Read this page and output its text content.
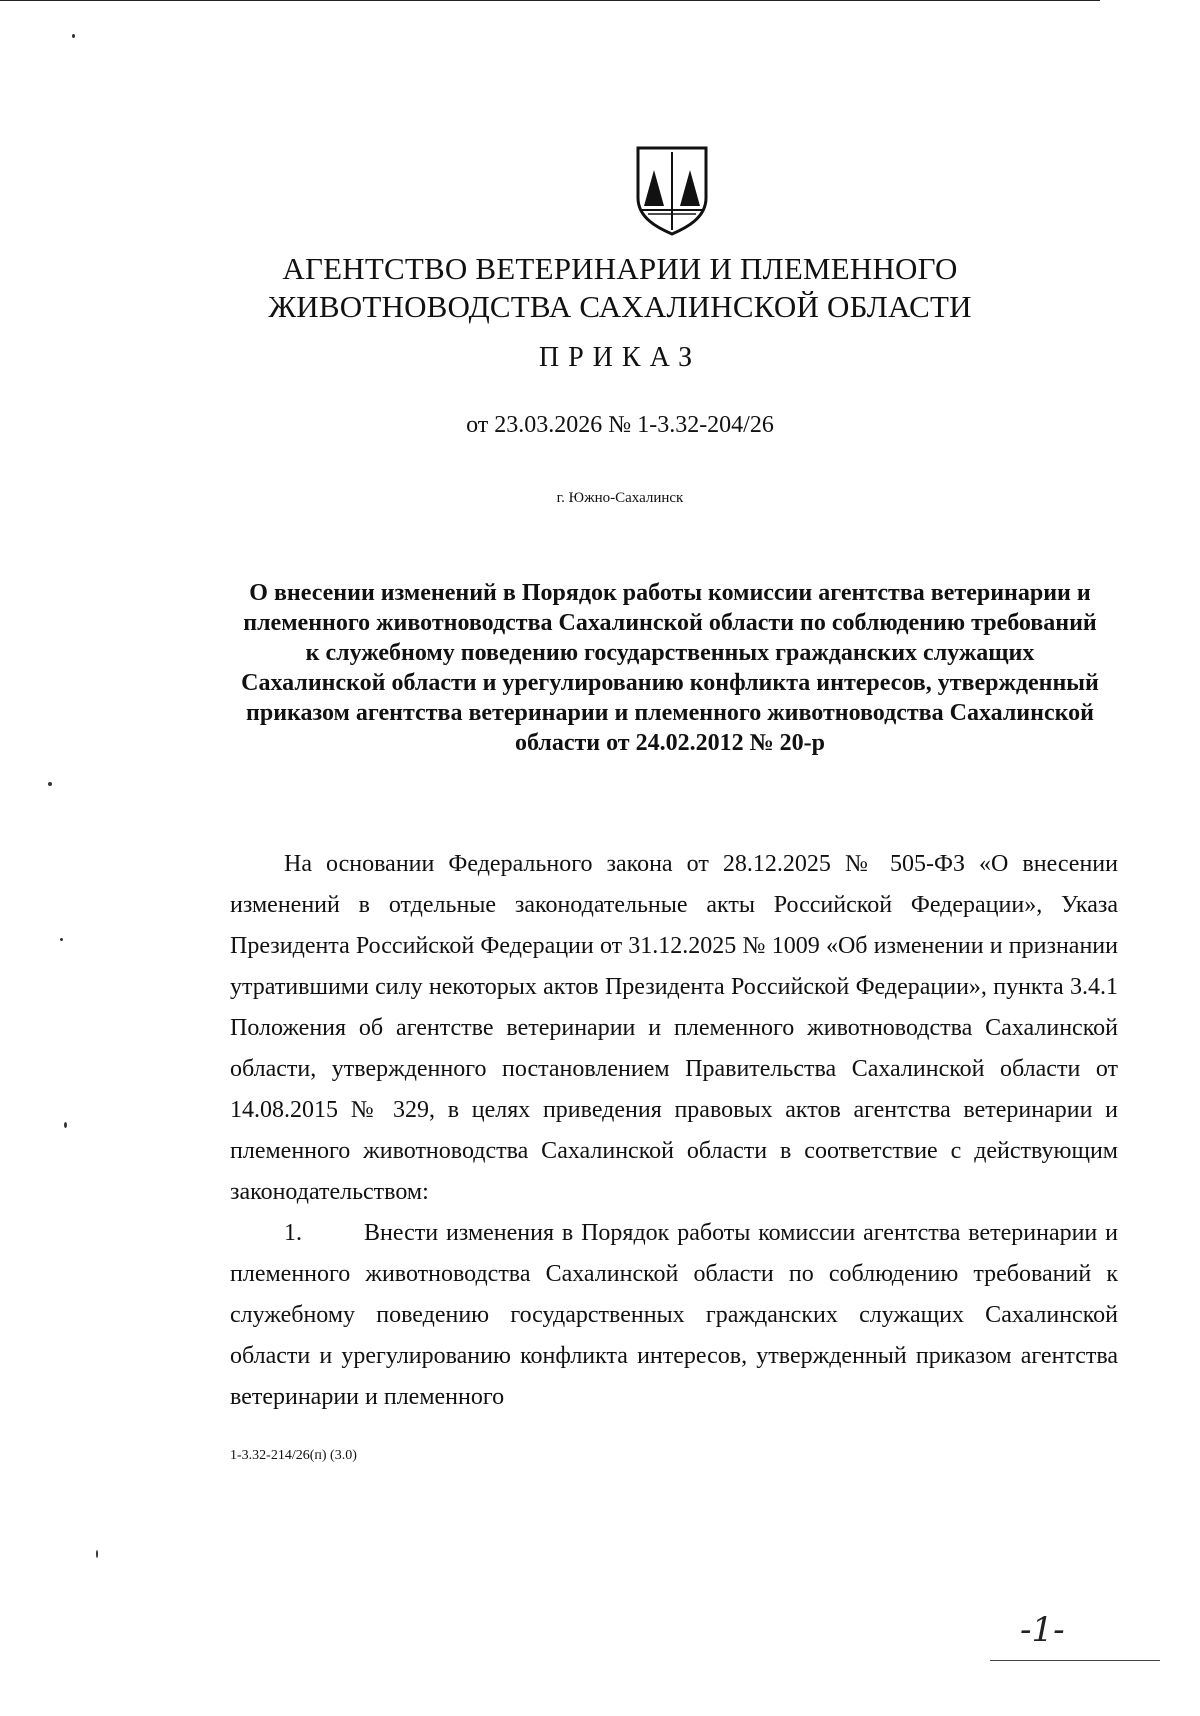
АГЕНТСТВО ВЕТЕРИНАРИИ И ПЛЕМЕННОГО ЖИВОТНОВОДСТВА САХАЛИНСКОЙ ОБЛАСТИ
ПРИКАЗ
от 23.03.2026 № 1-3.32-204/26
г. Южно-Сахалинск
О внесении изменений в Порядок работы комиссии агентства ветеринарии и племенного животноводства Сахалинской области по соблюдению требований к служебному поведению государственных гражданских служащих Сахалинской области и урегулированию конфликта интересов, утвержденный приказом агентства ветеринарии и племенного животноводства Сахалинской области от 24.02.2012 № 20-р

На основании Федерального закона от 28.12.2025 № 505-ФЗ «О внесении изменений в отдельные законодательные акты Российской Федерации», Указа Президента Российской Федерации от 31.12.2025 № 1009 «Об изменении и признании утратившими силу некоторых актов Президента Российской Федерации», пункта 3.4.1 Положения об агентстве ветеринарии и племенного животноводства Сахалинской области, утвержденного постановлением Правительства Сахалинской области от 14.08.2015 № 329, в целях приведения правовых актов агентства ветеринарии и племенного животноводства Сахалинской области в соответствие с действующим законодательством:

1.	Внести изменения в Порядок работы комиссии агентства ветеринарии и племенного животноводства Сахалинской области по соблюдению требований к служебному поведению государственных гражданских служащих Сахалинской области и урегулированию конфликта интересов, утвержденный приказом агентства ветеринарии и племенного

1-3.32-214/26(п) (3.0)
-1-
